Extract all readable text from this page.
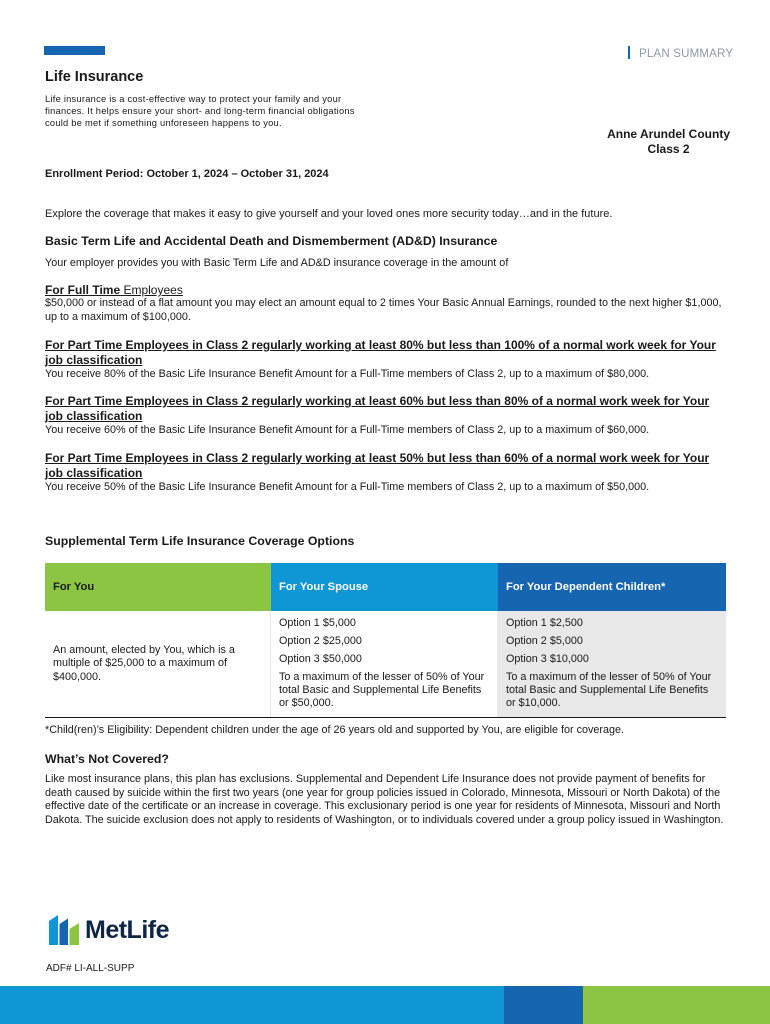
PLAN SUMMARY
Life Insurance
Life insurance is a cost-effective way to protect your family and your finances. It helps ensure your short- and long-term financial obligations could be met if something unforeseen happens to you.
Anne Arundel County
Class 2
Enrollment Period: October 1, 2024 – October 31, 2024
Explore the coverage that makes it easy to give yourself and your loved ones more security today…and in the future.
Basic Term Life and Accidental Death and Dismemberment (AD&D) Insurance
Your employer provides you with Basic Term Life and AD&D insurance coverage in the amount of
For Full Time Employees
$50,000 or instead of a flat amount you may elect an amount equal to 2 times Your Basic Annual Earnings, rounded to the next higher $1,000, up to a maximum of $100,000.
For Part Time Employees in Class 2 regularly working at least 80% but less than 100% of a normal work week for Your job classification
You receive 80% of the Basic Life Insurance Benefit Amount for a Full-Time members of Class 2, up to a maximum of $80,000.
For Part Time Employees in Class 2 regularly working at least 60% but less than 80% of a normal work week for Your job classification
You receive 60% of the Basic Life Insurance Benefit Amount for a Full-Time members of Class 2, up to a maximum of $60,000.
For Part Time Employees in Class 2 regularly working at least 50% but less than 60% of a normal work week for Your job classification
You receive 50% of the Basic Life Insurance Benefit Amount for a Full-Time members of Class 2, up to a maximum of $50,000.
Supplemental Term Life Insurance Coverage Options
For You	For Your Spouse	For Your Dependent Children*
An amount, elected by You, which is a multiple of $25,000 to a maximum of $400,000.
Option 1 $5,000
Option 2 $25,000
Option 3 $50,000
To a maximum of the lesser of 50% of Your total Basic and Supplemental Life Benefits or $50,000.
Option 1 $2,500
Option 2 $5,000
Option 3 $10,000
To a maximum of the lesser of 50% of Your total Basic and Supplemental Life Benefits or $10,000.
*Child(ren)’s Eligibility: Dependent children under the age of 26 years old and supported by You, are eligible for coverage.
What’s Not Covered?
Like most insurance plans, this plan has exclusions. Supplemental and Dependent Life Insurance does not provide payment of benefits for death caused by suicide within the first two years (one year for group policies issued in Colorado, Minnesota, Missouri or North Dakota) of the effective date of the certificate or an increase in coverage. This exclusionary period is one year for residents of Minnesota, Missouri and North Dakota. The suicide exclusion does not apply to residents of Washington, or to individuals covered under a group policy issued in Washington.
MetLife
ADF# LI-ALL-SUPP
